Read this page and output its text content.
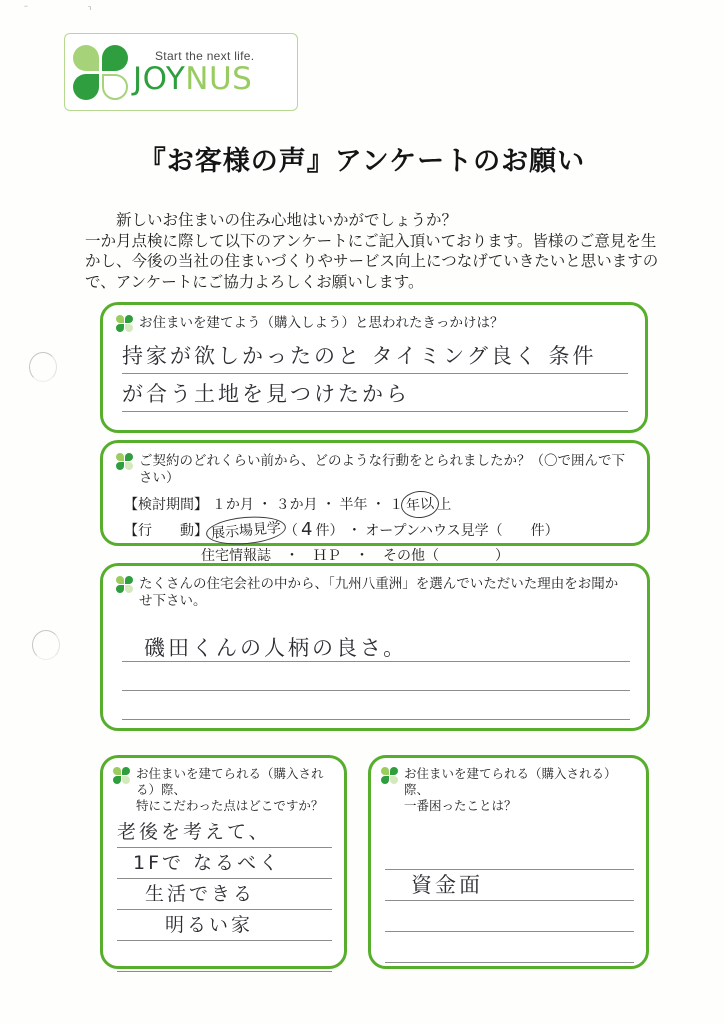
،،	٦
Start the next life.
JOYNUS
『お客様の声』アンケートのお願い
新しいお住まいの住み心地はいかがでしょうか？
一か月点検に際して以下のアンケートにご記入頂いております。皆様のご意見を生かし、今後の当社の住まいづくりやサービス向上につなげていきたいと思いますので、アンケートにご協力よろしくお願いします。
お住まいを建てよう（購入しよう）と思われたきっかけは？
持家が欲しかったのと タイミング良く 条件
が合う土地を見つけたから
ご契約のどれくらい前から、どのような行動をとられましたか？（〇で囲んで下さい）
【検討期間】 １か月 ・ ３か月 ・ 半年 ・ １ 年以 上
【行　　動】 展示場見学 （ 4 件） ・ オープンハウス見学（　　件）
住宅情報誌　・　ＨＰ　・　その他（　　　　）
たくさんの住宅会社の中から、「九州八重洲」を選んでいただいた理由をお聞かせ下さい。
磯田くんの人柄の良さ。
お住まいを建てられる（購入される）際、
特にこだわった点はどこですか？
老後を考えて、
1Fで なるべく
生活できる
明るい家
お住まいを建てられる（購入される）際、
一番困ったことは？
資金面
